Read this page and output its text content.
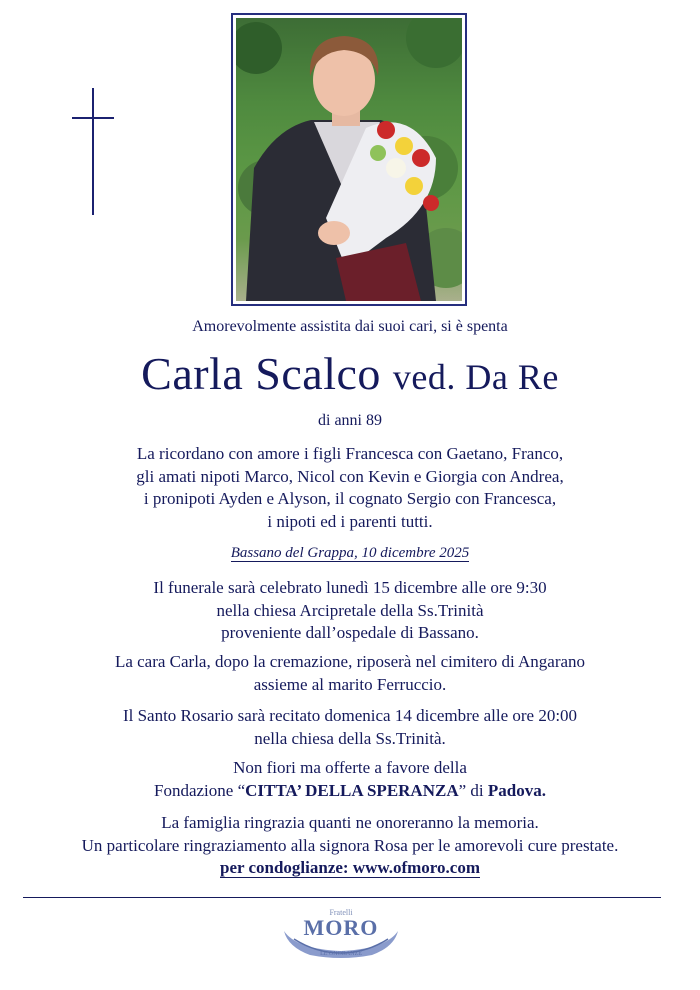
Amorevolmente assistita dai suoi cari, si è spenta
Carla Scalco ved. Da Re
di anni 89
La ricordano con amore i figli Francesca con Gaetano, Franco,
gli amati nipoti Marco, Nicol con Kevin e Giorgia con Andrea,
i pronipoti Ayden e Alyson, il cognato Sergio con Francesca,
i nipoti ed i parenti tutti.
Bassano del Grappa, 10 dicembre 2025
Il funerale sarà celebrato lunedì 15 dicembre alle ore 9:30
nella chiesa Arcipretale della Ss.Trinità
proveniente dall’ospedale di Bassano.
La cara Carla, dopo la cremazione, riposerà nel cimitero di Angarano
assieme al marito Ferruccio.
Il Santo Rosario sarà recitato domenica 14 dicembre alle ore 20:00
nella chiesa della Ss.Trinità.
Non fiori ma offerte a favore della
Fondazione “CITTA’ DELLA SPERANZA” di Padova.
La famiglia ringrazia quanti ne onoreranno la memoria.
Un particolare ringraziamento alla signora Rosa per le amorevoli cure prestate.
per condoglianze: www.ofmoro.com
Fratelli
MORO
LE ONORANZE
